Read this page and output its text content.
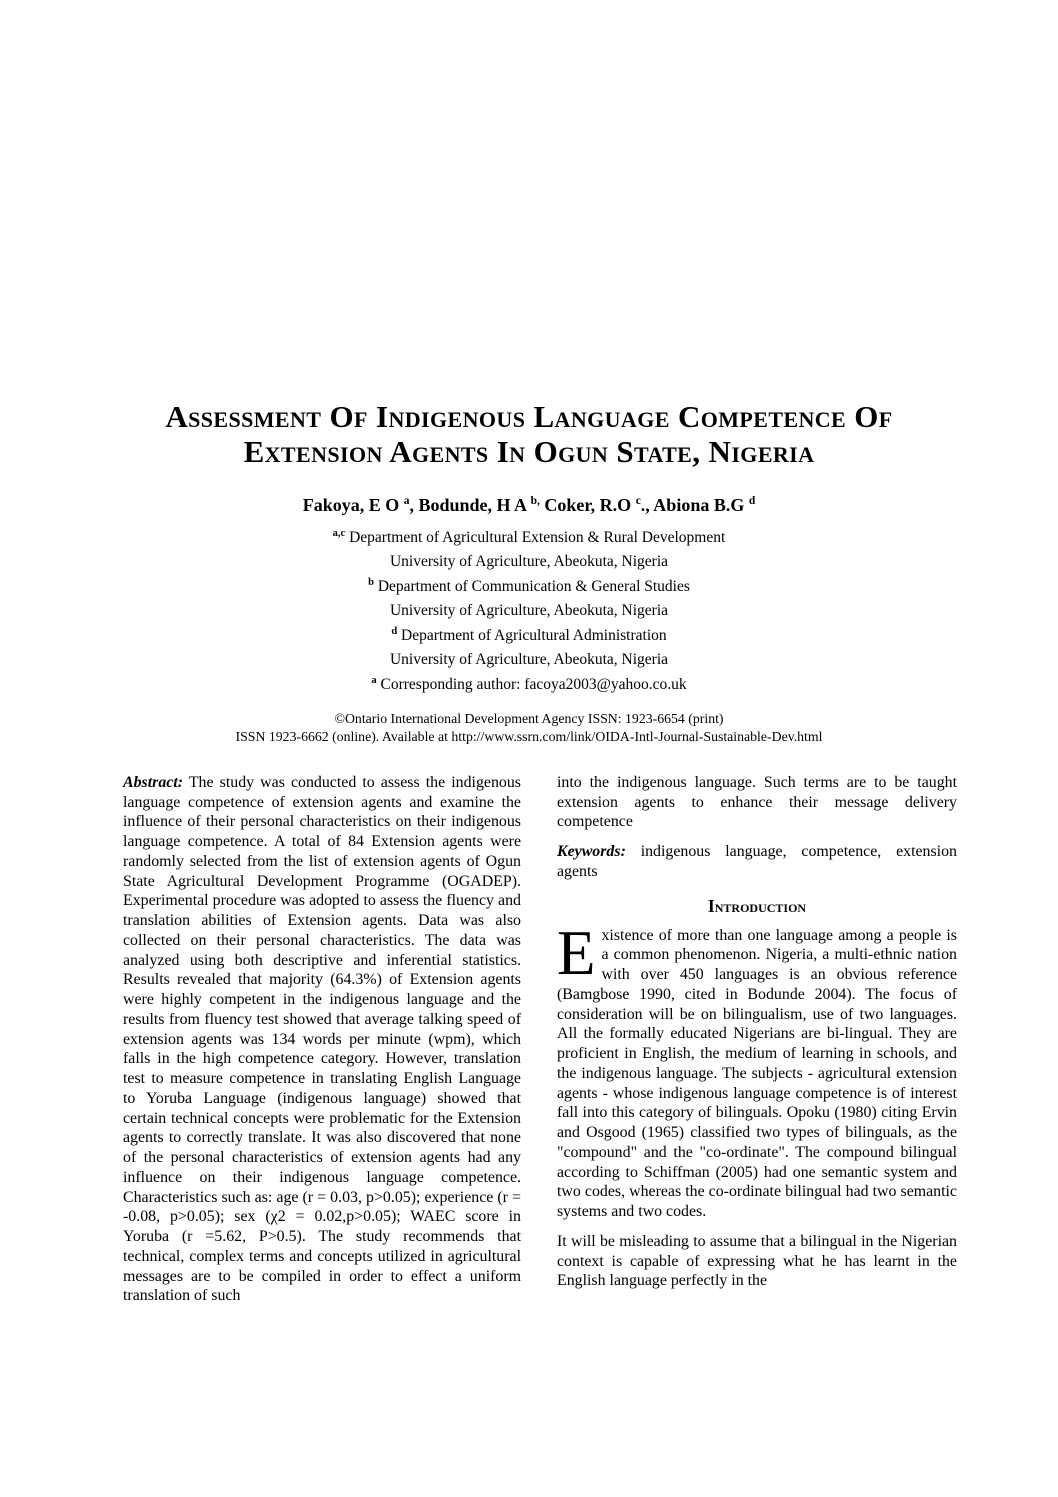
Assessment Of Indigenous Language Competence Of
Extension Agents In Ogun State, Nigeria
Fakoya, E O $^a$, Bodunde, H A $^{b,}$ Coker, R.O $^c$., Abiona B.G $^d$
$^{a,c}$ Department of Agricultural Extension & Rural Development
University of Agriculture, Abeokuta, Nigeria
$^b$ Department of Communication & General Studies
University of Agriculture, Abeokuta, Nigeria
$^d$ Department of Agricultural Administration
University of Agriculture, Abeokuta, Nigeria
$^a$ Corresponding author: facoya2003@yahoo.co.uk
©Ontario International Development Agency ISSN: 1923-6654 (print)
ISSN 1923-6662 (online). Available at http://www.ssrn.com/link/OIDA-Intl-Journal-Sustainable-Dev.html

Abstract: The study was conducted to assess the indigenous language competence of extension agents and examine the influence of their personal characteristics on their indigenous language competence. A total of 84 Extension agents were randomly selected from the list of extension agents of Ogun State Agricultural Development Programme (OGADEP). Experimental procedure was adopted to assess the fluency and translation abilities of Extension agents. Data was also collected on their personal characteristics. The data was analyzed using both descriptive and inferential statistics. Results revealed that majority (64.3%) of Extension agents were highly competent in the indigenous language and the results from fluency test showed that average talking speed of extension agents was 134 words per minute (wpm), which falls in the high competence category. However, translation test to measure competence in translating English Language to Yoruba Language (indigenous language) showed that certain technical concepts were problematic for the Extension agents to correctly translate. It was also discovered that none of the personal characteristics of extension agents had any influence on their indigenous language competence. Characteristics such as: age (r = 0.03, p>0.05); experience (r = -0.08, p>0.05); sex (χ2 = 0.02,p>0.05); WAEC score in Yoruba (r =5.62, P>0.5). The study recommends that technical, complex terms and concepts utilized in agricultural messages are to be compiled in order to effect a uniform translation of such

into the indigenous language. Such terms are to be taught extension agents to enhance their message delivery competence

Keywords: indigenous language, competence, extension agents

Introduction

Existence of more than one language among a people is a common phenomenon. Nigeria, a multi-ethnic nation with over 450 languages is an obvious reference (Bamgbose 1990, cited in Bodunde 2004). The focus of consideration will be on bilingualism, use of two languages. All the formally educated Nigerians are bi-lingual. They are proficient in English, the medium of learning in schools, and the indigenous language. The subjects - agricultural extension agents - whose indigenous language competence is of interest fall into this category of bilinguals. Opoku (1980) citing Ervin and Osgood (1965) classified two types of bilinguals, as the "compound" and the "co-ordinate". The compound bilingual according to Schiffman (2005) had one semantic system and two codes, whereas the co-ordinate bilingual had two semantic systems and two codes.

It will be misleading to assume that a bilingual in the Nigerian context is capable of expressing what he has learnt in the English language perfectly in the
